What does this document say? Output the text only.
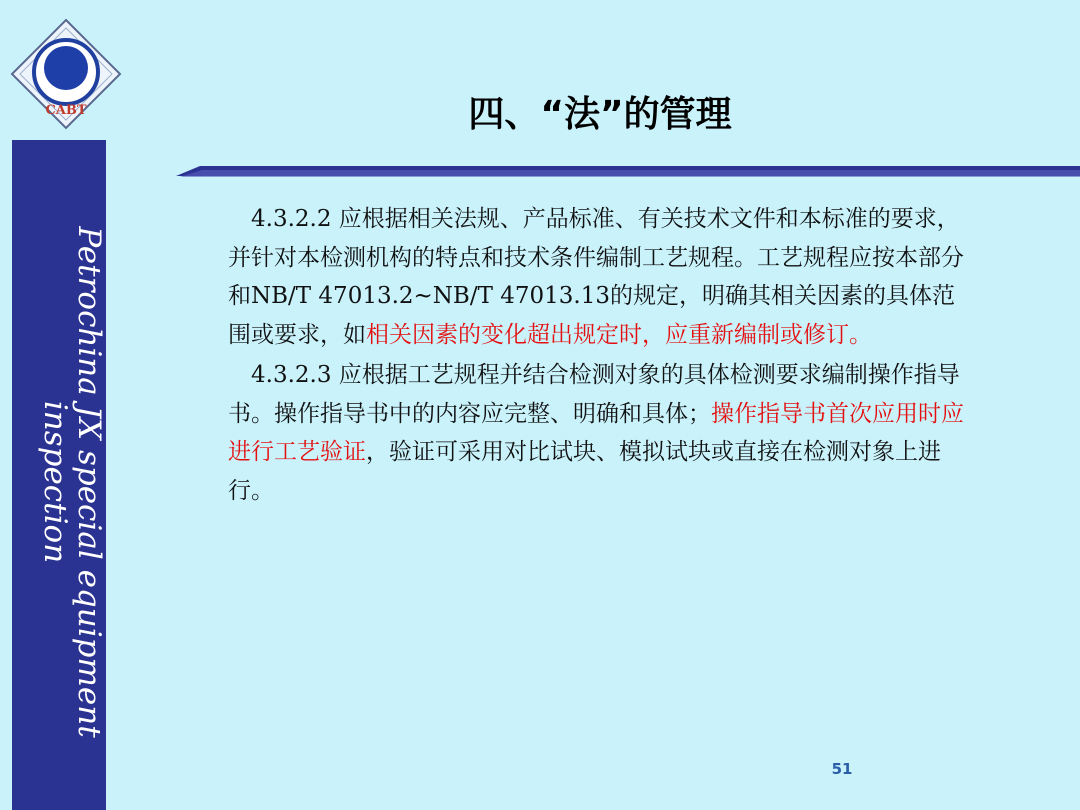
CABT
Petrochina JX special equipment
inspection
四、“法”的管理

 4.3.2.2 应根据相关法规、产品标准、有关技术文件和本标准的要求，并针对本检测机构的特点和技术条件编制工艺规程。工艺规程应按本部分和NB/T 47013.2~NB/T 47013.13的规定，明确其相关因素的具体范围或要求，如相关因素的变化超出规定时，应重新编制或修订。

 4.3.2.3 应根据工艺规程并结合检测对象的具体检测要求编制操作指导书。操作指导书中的内容应完整、明确和具体；操作指导书首次应用时应进行工艺验证，验证可采用对比试块、模拟试块或直接在检测对象上进行。

51
